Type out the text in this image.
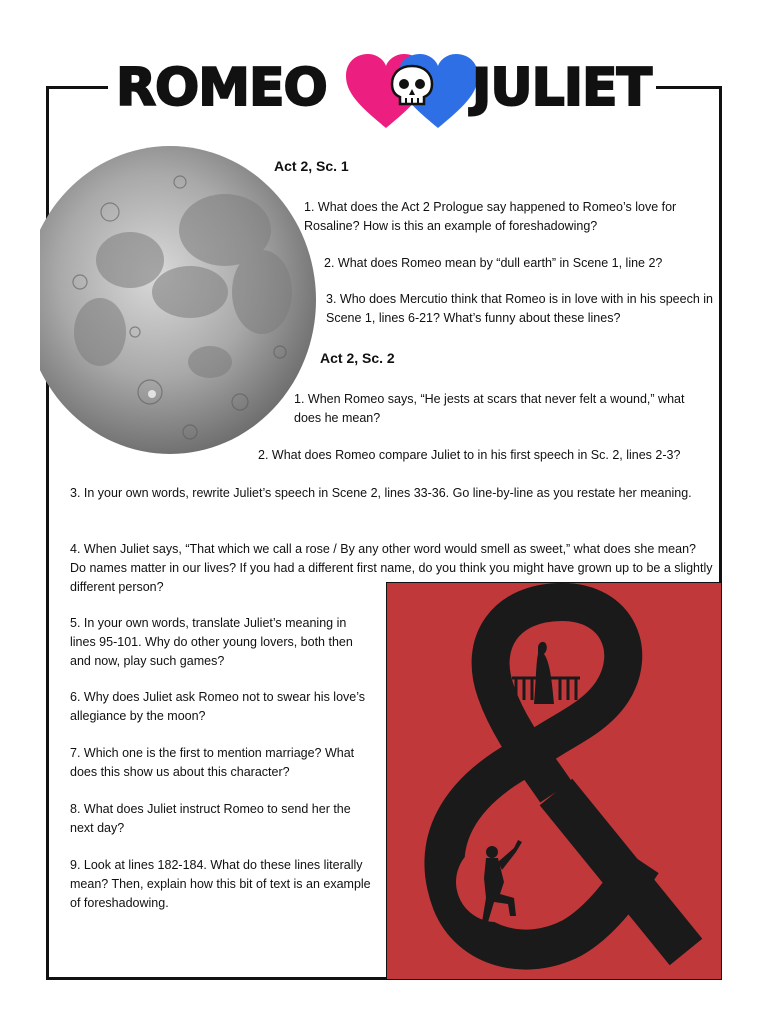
ROMEO	JULIET
Act 2, Sc. 1
1. What does the Act 2 Prologue say happened to Romeo’s love for Rosaline? How is this an example of foreshadowing?
2. What does Romeo mean by “dull earth” in Scene 1, line 2?
3. Who does Mercutio think that Romeo is in love with in his speech in Scene 1, lines 6-21? What’s funny about these lines?
Act 2, Sc. 2
1. When Romeo says, “He jests at scars that never felt a wound,” what does he mean?
2. What does Romeo compare Juliet to in his first speech in Sc. 2, lines 2-3?
3. In your own words, rewrite Juliet’s speech in Scene 2, lines 33-36. Go line-by-line as you restate her meaning.
4. When Juliet says, “That which we call a rose / By any other word would smell as sweet,” what does she mean? Do names matter in our lives? If you had a different first name, do you think you might have grown up to be a slightly different person?
5. In your own words, translate Juliet’s meaning in lines 95-101. Why do other young lovers, both then and now, play such games?
6. Why does Juliet ask Romeo not to swear his love’s allegiance by the moon?
7. Which one is the first to mention marriage? What does this show us about this character?
8. What does Juliet instruct Romeo to send her the next day?
9. Look at lines 182-184. What do these lines literally mean? Then, explain how this bit of text is an example of foreshadowing.
